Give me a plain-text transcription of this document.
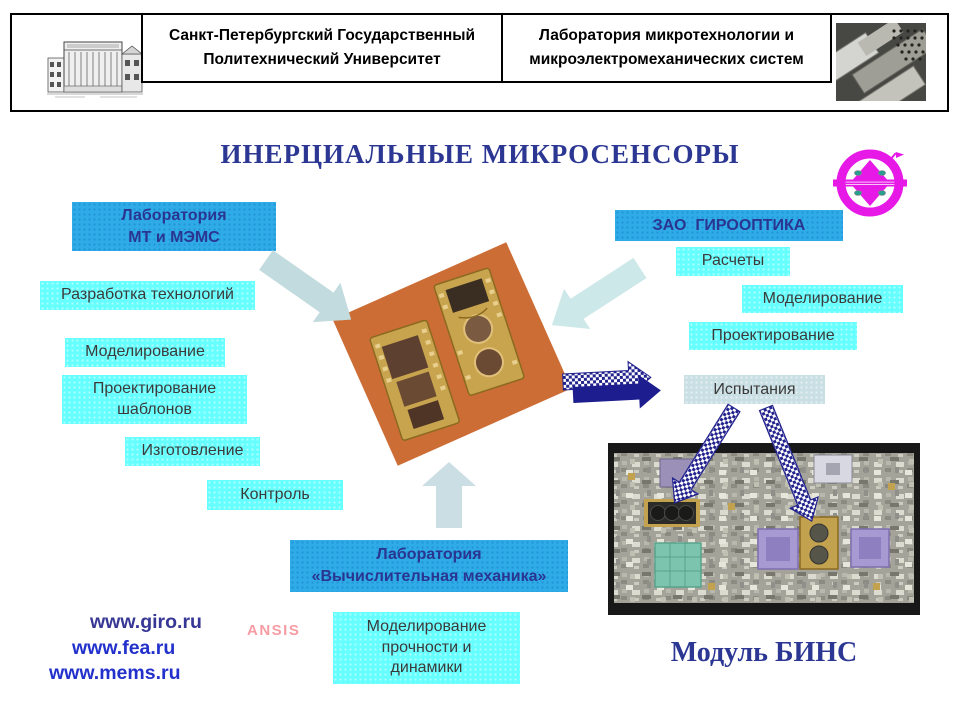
Санкт-Петербургский Государственный
Политехнический Университет
Лаборатория микротехнологии и
микроэлектромеханических систем
ИНЕРЦИАЛЬНЫЕ МИКРОСЕНСОРЫ
Лаборатория
МТ и МЭМС
Разработка технологий
Моделирование
Проектирование шаблонов
Изготовление
Контроль
ЗАО  ГИРООПТИКА
Расчеты
Моделирование
Проектирование
Испытания
Лаборатория
«Вычислительная механика»
Моделирование
прочности и
динамики
www.giro.ru
www.fea.ru
www.mems.ru
ANSIS
Модуль БИНС
